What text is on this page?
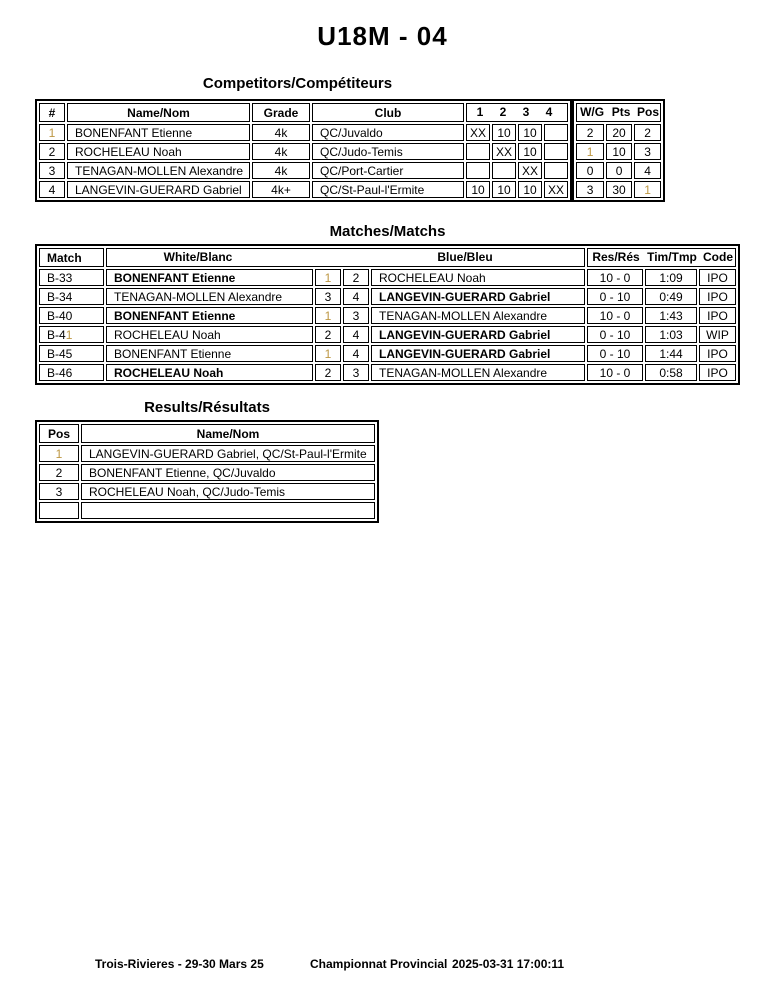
U18M - 04
Competitors/Compétiteurs
#	Name/Nom	Grade	Club	1 2 3 4			

1	BONENFANT Etienne	4k	QC/Juvaldo	XX	10	10	
2	ROCHELEAU Noah	4k	QC/Judo-Temis		XX	10	
3	TENAGAN-MOLLEN Alexandre	4k	QC/Port-Cartier			XX	
4	LANGEVIN-GUERARD Gabriel	4k+	QC/St-Paul-l'Ermite	10	10	10	XX
W/G Pts Pos		

2	20	2
1	10	3
0	0	4
3	30	1
Matches/Matchs
Match	White/Blanc Blue/Bleu				Res/Rés Tim/Tmp Code		

B-33	BONENFANT Etienne	1	2	ROCHELEAU Noah	10 - 0	1:09	IPO
B-34	TENAGAN-MOLLEN Alexandre	3	4	LANGEVIN-GUERARD Gabriel	0 - 10	0:49	IPO
B-40	BONENFANT Etienne	1	3	TENAGAN-MOLLEN Alexandre	10 - 0	1:43	IPO
B-41	ROCHELEAU Noah	2	4	LANGEVIN-GUERARD Gabriel	0 - 10	1:03	WIP
B-45	BONENFANT Etienne	1	4	LANGEVIN-GUERARD Gabriel	0 - 10	1:44	IPO
B-46	ROCHELEAU Noah	2	3	TENAGAN-MOLLEN Alexandre	10 - 0	0:58	IPO
Results/Résultats
Pos	Name/Nom
1	LANGEVIN-GUERARD Gabriel, QC/St-Paul-l'Ermite
2	BONENFANT Etienne, QC/Juvaldo
3	ROCHELEAU Noah, QC/Judo-Temis

Trois-Rivieres - 29-30 Mars 25	Championnat Provincial 2025-03-31 17:00:11
